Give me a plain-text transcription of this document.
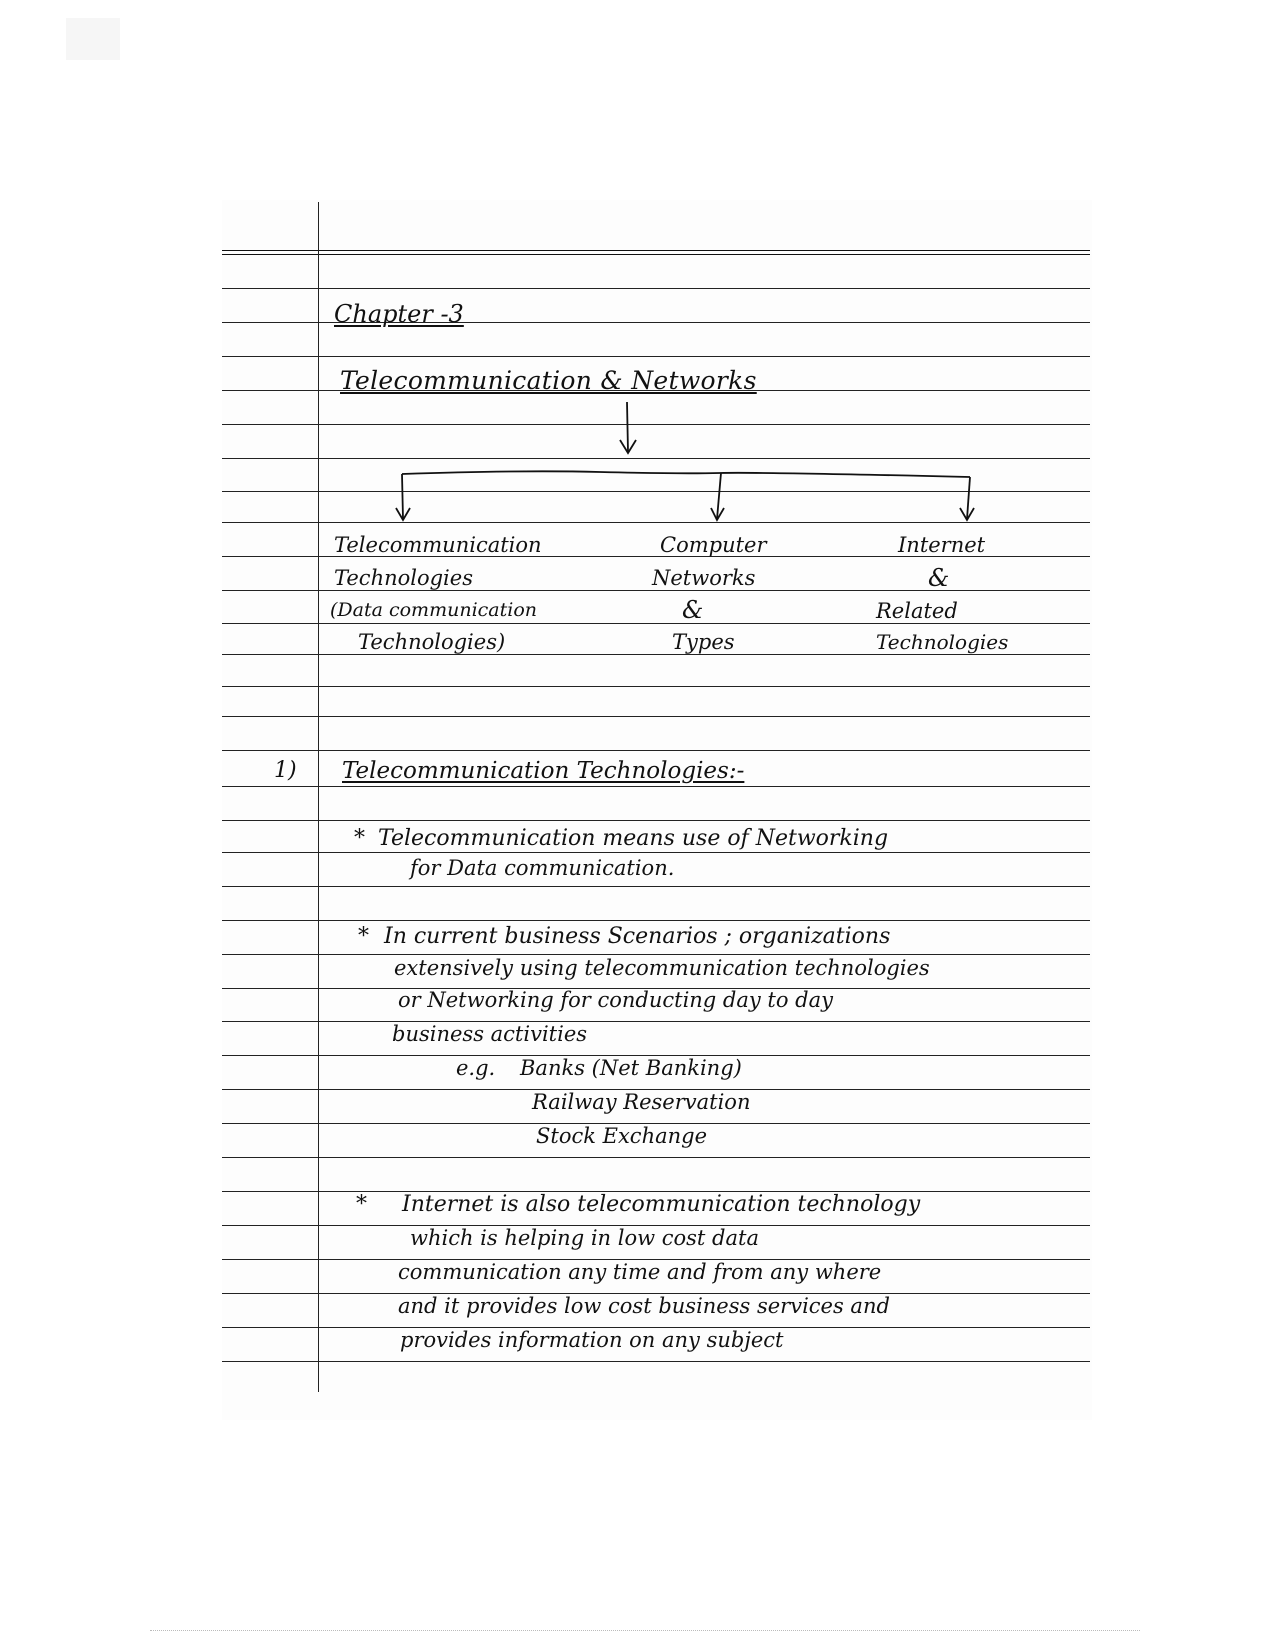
Chapter -3
Telecommunication & Networks
Telecommunication
Technologies
(Data communication
Technologies)
Computer
Networks
&
Types
Internet
&
Related
Technologies
1) Telecommunication Technologies:-
* Telecommunication means use of Networking
for Data communication.
* In current business Scenarios ; organizations
extensively using telecommunication technologies
or Networking for conducting day to day
business activities
e.g. Banks (Net Banking)
Railway Reservation
Stock Exchange
* Internet is also telecommunication technology
which is helping in low cost data
communication any time and from any where
and it provides low cost business services and
provides information on any subject
